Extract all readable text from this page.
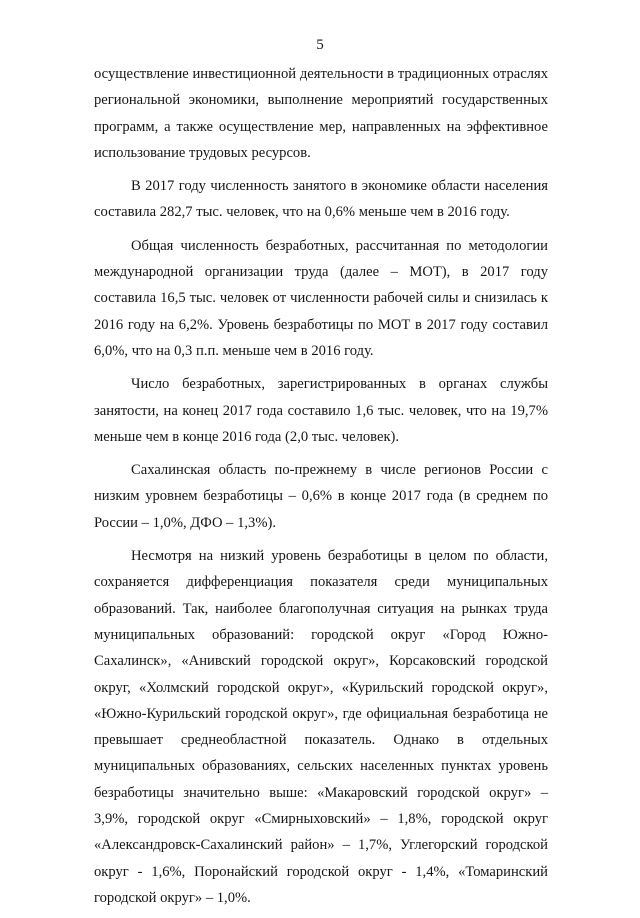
5

осуществление инвестиционной деятельности в традиционных отраслях региональной экономики, выполнение мероприятий государственных программ, а также осуществление мер, направленных на эффективное использование трудовых ресурсов.

В 2017 году численность занятого в экономике области населения составила 282,7 тыс. человек, что на 0,6% меньше чем в 2016 году.

Общая численность безработных, рассчитанная по методологии международной организации труда (далее – МОТ), в 2017 году составила 16,5 тыс. человек от численности рабочей силы и снизилась к 2016 году на 6,2%. Уровень безработицы по МОТ в 2017 году составил 6,0%, что на 0,3 п.п. меньше чем в 2016 году.

Число безработных, зарегистрированных в органах службы занятости, на конец 2017 года составило 1,6 тыс. человек, что на 19,7% меньше чем в конце 2016 года (2,0 тыс. человек).

Сахалинская область по-прежнему в числе регионов России с низким уровнем безработицы – 0,6% в конце 2017 года (в среднем по России – 1,0%, ДФО – 1,3%).

Несмотря на низкий уровень безработицы в целом по области, сохраняется дифференциация показателя среди муниципальных образований. Так, наиболее благополучная ситуация на рынках труда муниципальных образований: городской округ «Город Южно-Сахалинск», «Анивский городской округ», Корсаковский городской округ, «Холмский городской округ», «Курильский городской округ», «Южно-Курильский городской округ», где официальная безработица не превышает среднеобластной показатель. Однако в отдельных муниципальных образованиях, сельских населенных пунктах уровень безработицы значительно выше: «Макаровский городской округ» – 3,9%, городской округ «Смирныховский» – 1,8%, городской округ «Александровск-Сахалинский район» – 1,7%, Углегорский городской округ - 1,6%, Поронайский городской округ - 1,4%, «Томаринский городской округ» – 1,0%.
